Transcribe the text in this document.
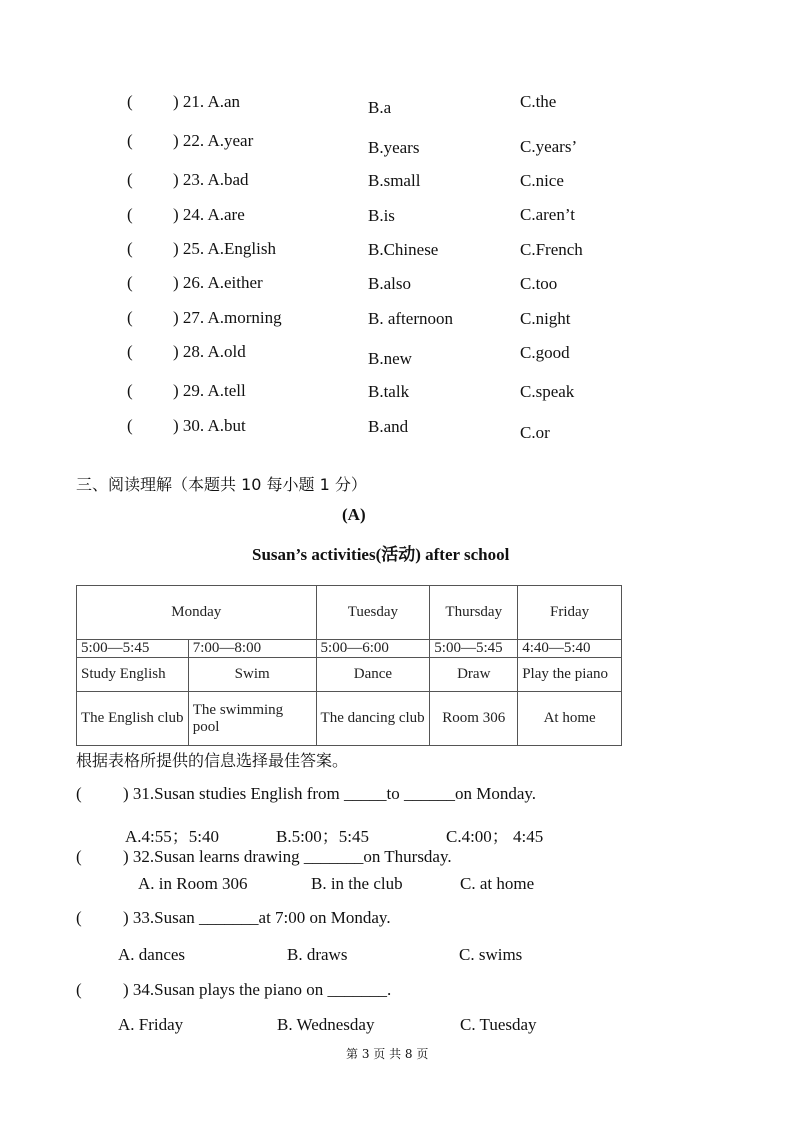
( ) 21. A.an	B.a	C.the
( ) 22. A.year	B.years	C.years’
( ) 23. A.bad	B.small	C.nice
( ) 24. A.are	B.is	C.aren’t
( ) 25. A.English	B.Chinese	C.French
( ) 26. A.either	B.also	C.too
( ) 27. A.morning	B. afternoon	C.night
( ) 28. A.old	B.new	C.good
( ) 29. A.tell	B.talk	C.speak
( ) 30. A.but	B.and	C.or
三、阅读理解（本题共 10 每小题 1 分）
(A)
Susan’s activities(活动) after school
Monday		Tuesday	Thursday	Friday
5:00—5:45	7:00—8:00	5:00—6:00	5:00—5:45	4:40—5:40
Study English	Swim	Dance	Draw	Play the piano
The English club	The swimming pool	The dancing club	Room 306	At home
根据表格所提供的信息选择最佳答案。
( ) 31.Susan studies English from _____to ______on Monday.
A.4:55；5:40	B.5:00；5:45	C.4:00； 4:45
( ) 32.Susan learns drawing _______on Thursday.
A. in Room 306	B. in the club	C. at home
( ) 33.Susan _______at 7:00 on Monday.
A. dances	B. draws	C. swims
( ) 34.Susan plays the piano on _______.
A. Friday	B. Wednesday	C. Tuesday
第 3 页 共 8 页
